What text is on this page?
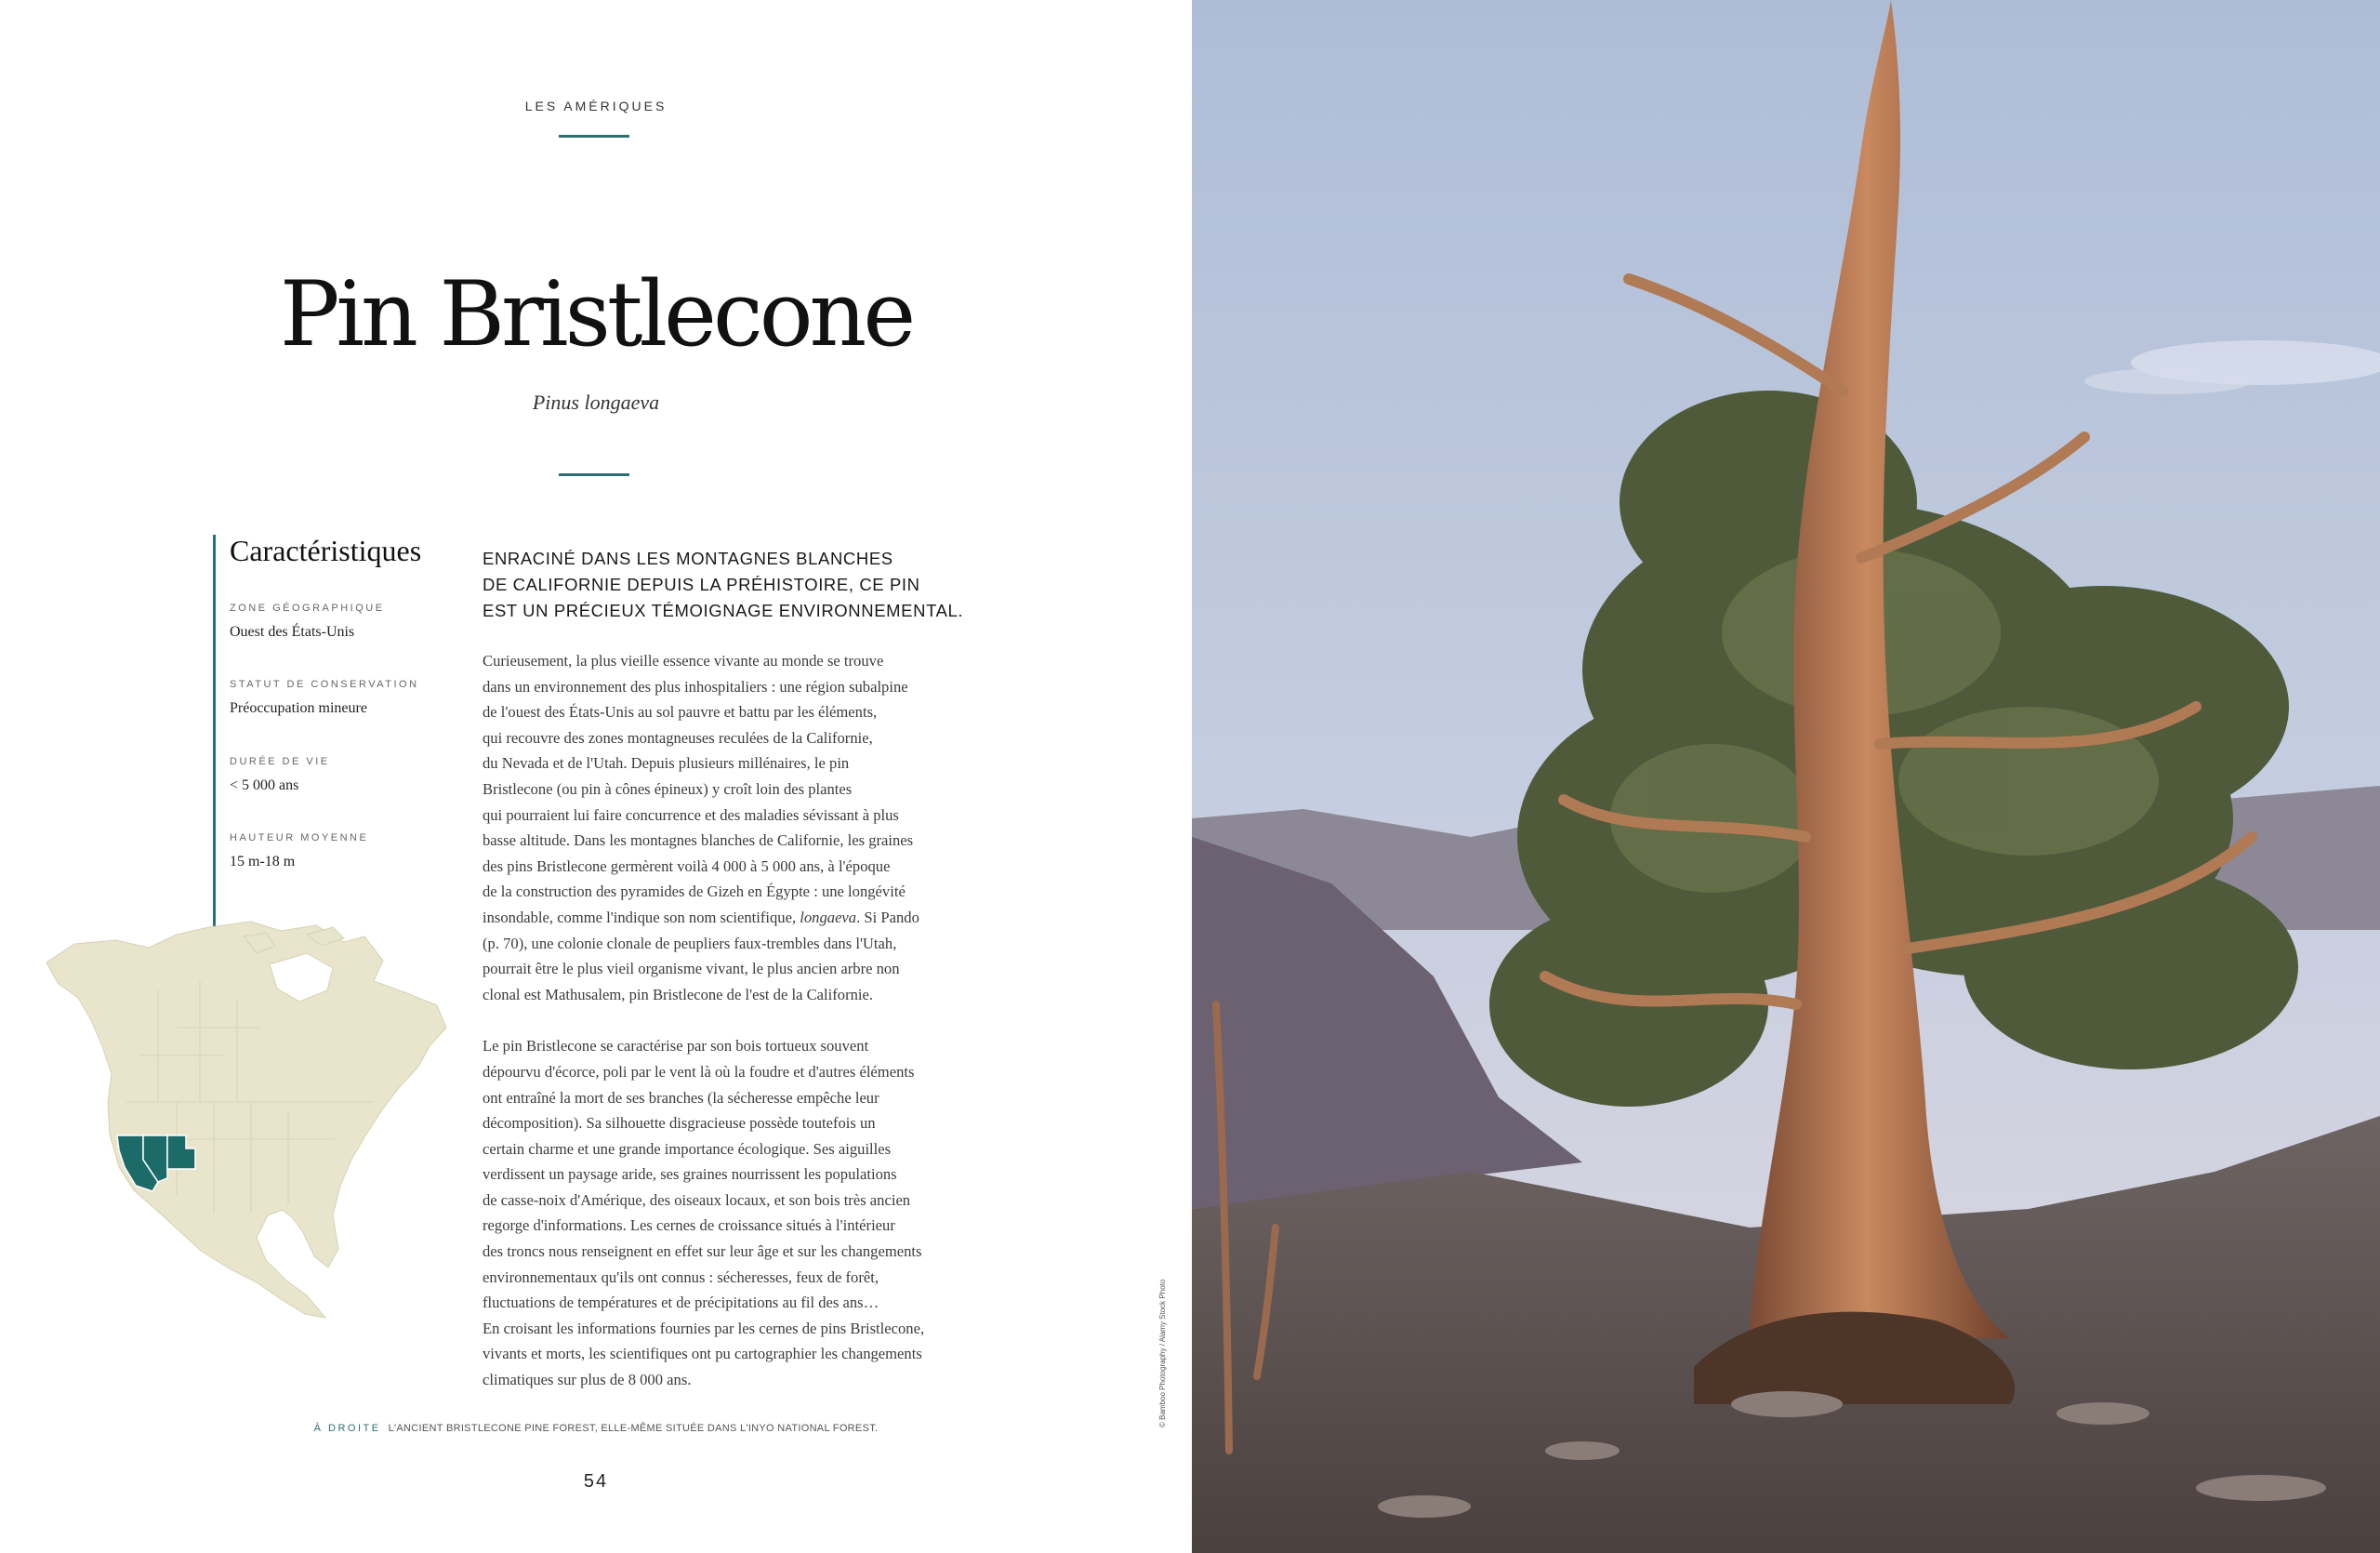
LES AMÉRIQUES
Pin Bristlecone
Pinus longaeva
Caractéristiques
ZONE GÉOGRAPHIQUE
Ouest des États-Unis
STATUT DE CONSERVATION
Préoccupation mineure
DURÉE DE VIE
< 5 000 ans
HAUTEUR MOYENNE
15 m-18 m
ENRACINÉ DANS LES MONTAGNES BLANCHES
DE CALIFORNIE DEPUIS LA PRÉHISTOIRE, CE PIN
EST UN PRÉCIEUX TÉMOIGNAGE ENVIRONNEMENTAL.

Curieusement, la plus vieille essence vivante au monde se trouve
dans un environnement des plus inhospitaliers : une région subalpine
de l'ouest des États-Unis au sol pauvre et battu par les éléments,
qui recouvre des zones montagneuses reculées de la Californie,
du Nevada et de l'Utah. Depuis plusieurs millénaires, le pin
Bristlecone (ou pin à cônes épineux) y croît loin des plantes
qui pourraient lui faire concurrence et des maladies sévissant à plus
basse altitude. Dans les montagnes blanches de Californie, les graines
des pins Bristlecone germèrent voilà 4 000 à 5 000 ans, à l'époque
de la construction des pyramides de Gizeh en Égypte : une longévité
insondable, comme l'indique son nom scientifique, longaeva. Si Pando
(p. 70), une colonie clonale de peupliers faux-trembles dans l'Utah,
pourrait être le plus vieil organisme vivant, le plus ancien arbre non
clonal est Mathusalem, pin Bristlecone de l'est de la Californie.

Le pin Bristlecone se caractérise par son bois tortueux souvent
dépourvu d'écorce, poli par le vent là où la foudre et d'autres éléments
ont entraîné la mort de ses branches (la sécheresse empêche leur
décomposition). Sa silhouette disgracieuse possède toutefois un
certain charme et une grande importance écologique. Ses aiguilles
verdissent un paysage aride, ses graines nourrissent les populations
de casse-noix d'Amérique, des oiseaux locaux, et son bois très ancien
regorge d'informations. Les cernes de croissance situés à l'intérieur
des troncs nous renseignent en effet sur leur âge et sur les changements
environnementaux qu'ils ont connus : sécheresses, feux de forêt,
fluctuations de températures et de précipitations au fil des ans…
En croisant les informations fournies par les cernes de pins Bristlecone,
vivants et morts, les scientifiques ont pu cartographier les changements
climatiques sur plus de 8 000 ans.

À DROITE L'ANCIENT BRISTLECONE PINE FOREST, ELLE-MÊME SITUÉE DANS L'INYO NATIONAL FOREST.
54
© Bamboo Photography / Alamy Stock Photo
